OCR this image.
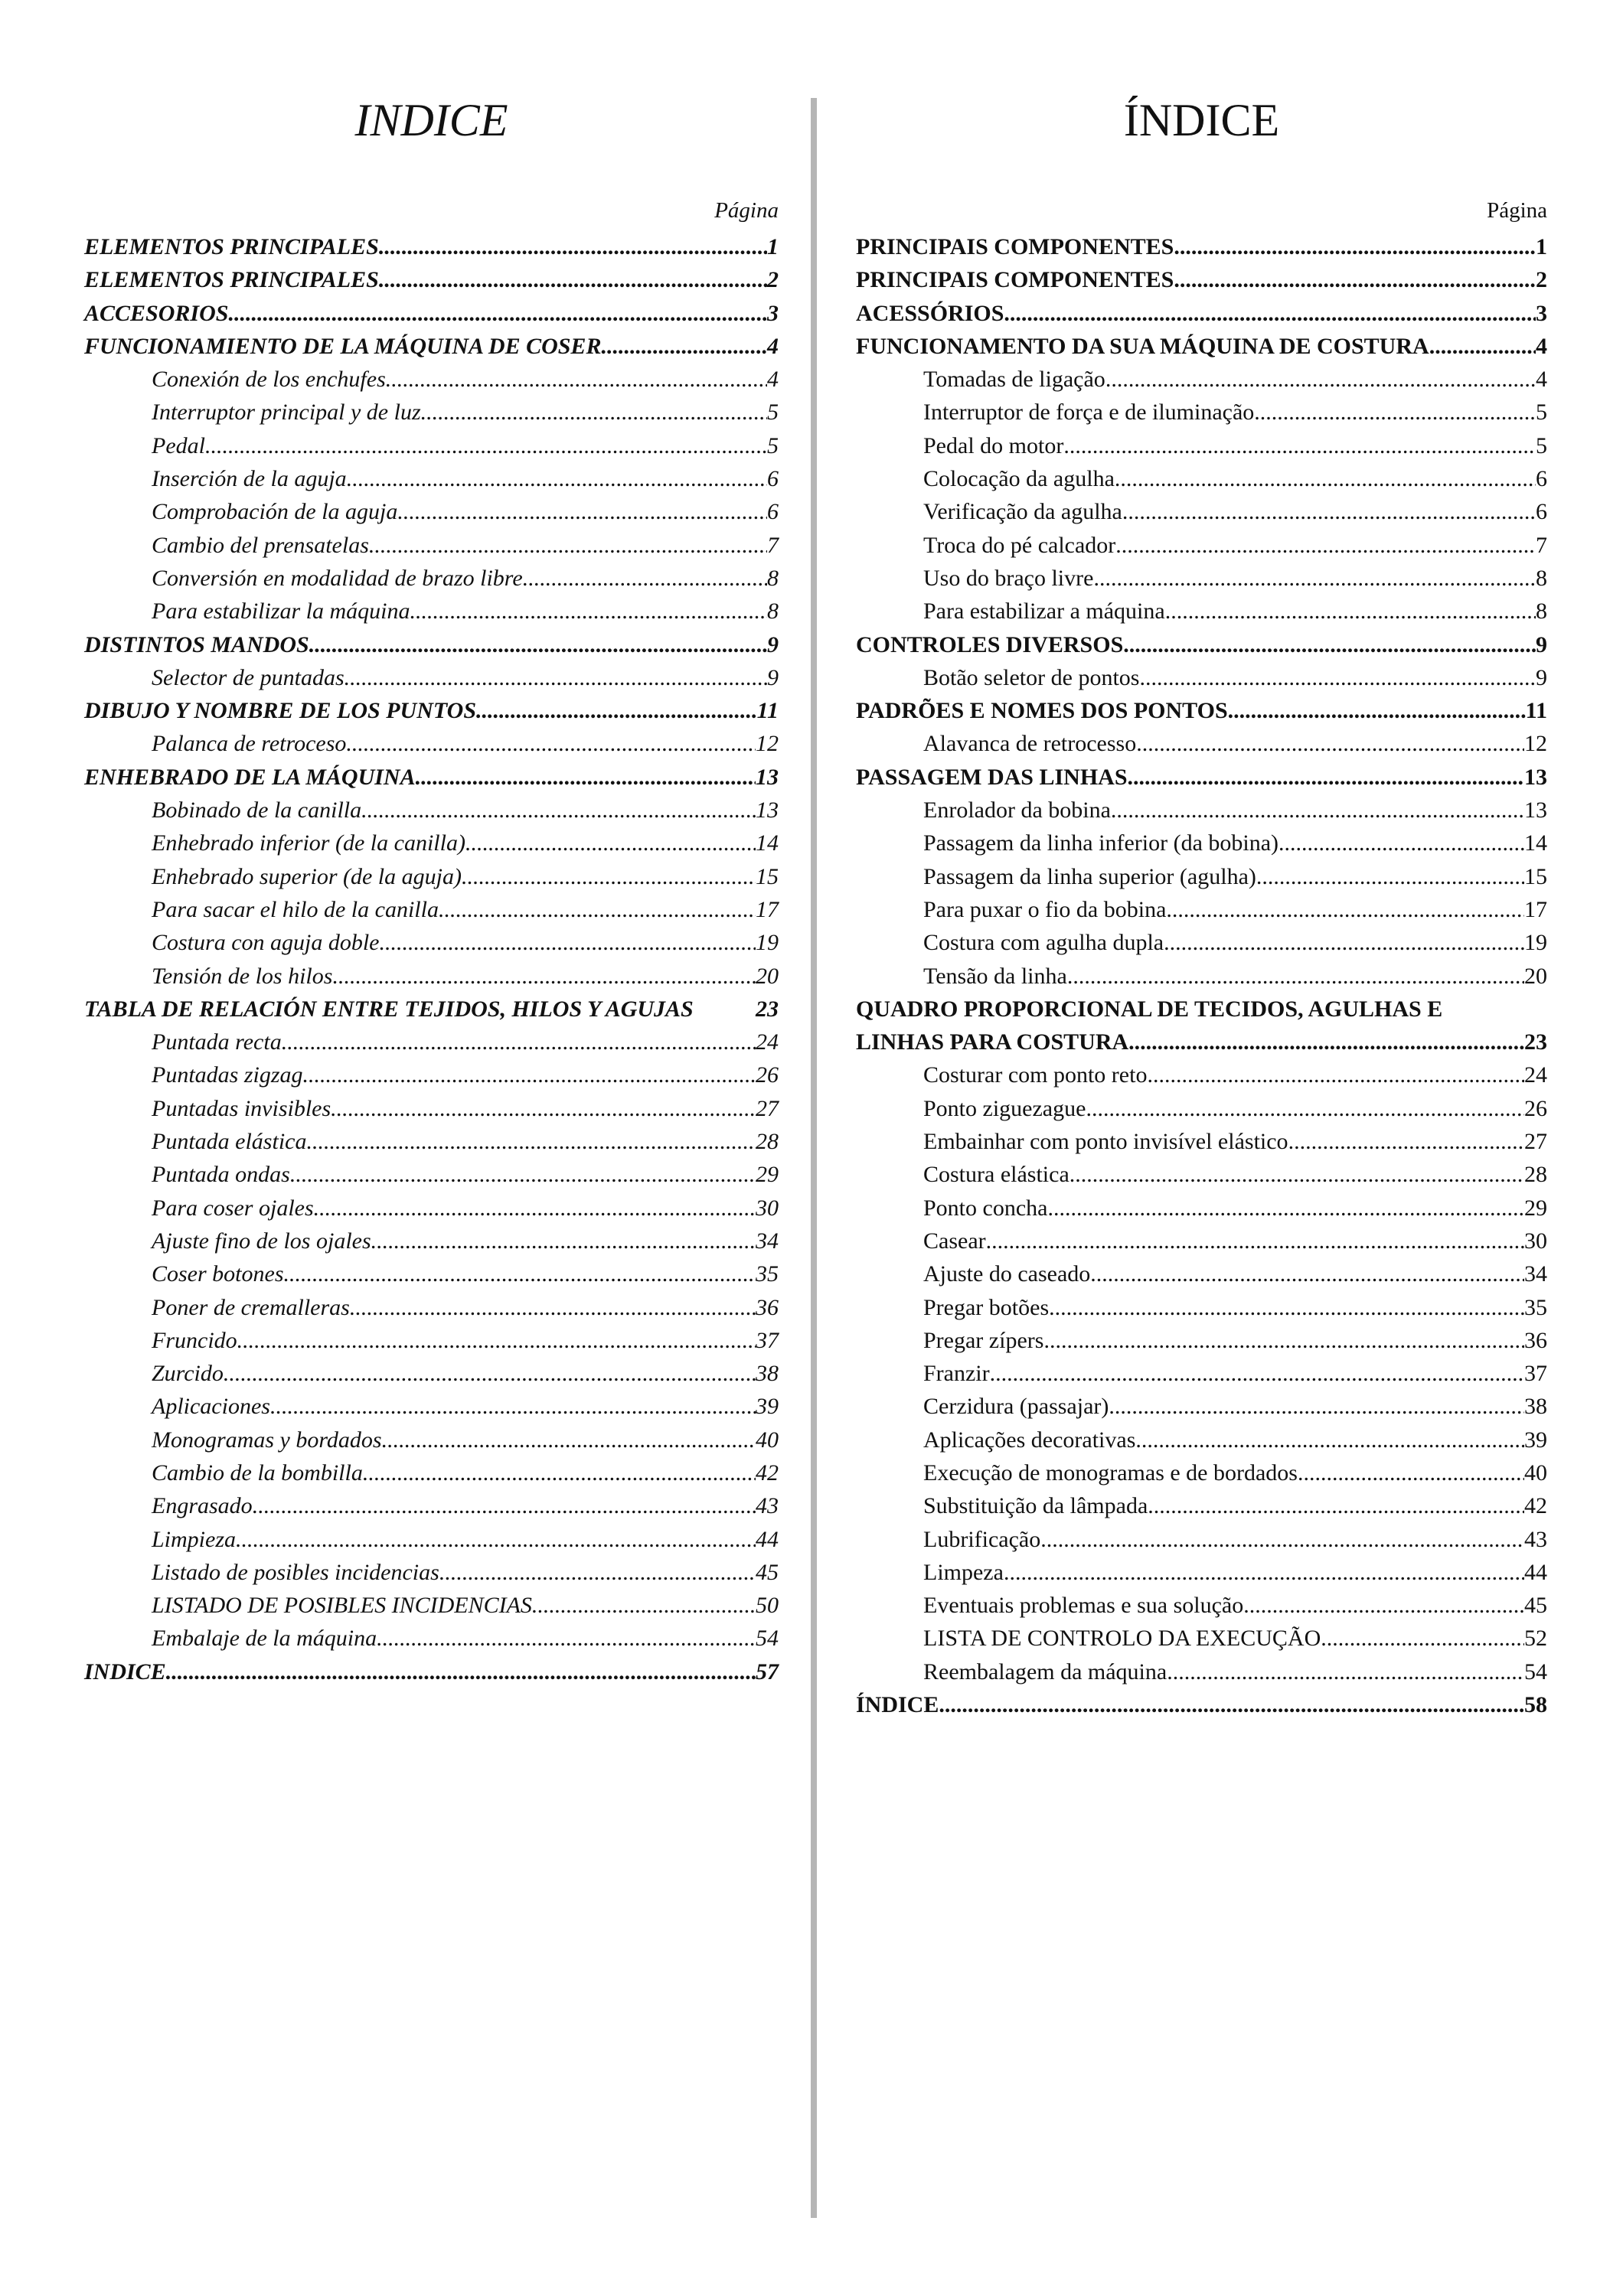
INDICE
Página
ELEMENTOS PRINCIPALES .....	1
ELEMENTOS PRINCIPALES .....	2
ACCESORIOS .....	3
FUNCIONAMIENTO DE LA MÁQUINA DE COSER .....	4
Conexión de los enchufes .....	4
Interruptor principal y de luz .....	5
Pedal .....	5
Inserción de la aguja .....	6
Comprobación de la aguja .....	6
Cambio del prensatelas .....	7
Conversión en modalidad de brazo libre. .....	8
Para estabilizar la máquina .....	8
DISTINTOS MANDOS .....	9
Selector de puntadas .....	9
DIBUJO Y NOMBRE DE LOS PUNTOS .....	11
Palanca de retroceso .....	12
ENHEBRADO DE LA MÁQUINA .....	13
Bobinado de la canilla .....	13
Enhebrado inferior (de la canilla) .....	14
Enhebrado superior (de la aguja) .....	15
Para sacar el hilo de la canilla .....	17
Costura con aguja doble .....	19
Tensión de los hilos .....	20
TABLA DE RELACIÓN ENTRE TEJIDOS, HILOS Y AGUJAS	23
Puntada recta .....	24
Puntadas zigzag .....	26
Puntadas invisibles .....	27
Puntada elástica .....	28
Puntada ondas .....	29
Para coser ojales .....	30
Ajuste fino de los ojales .....	34
Coser botones .....	35
Poner de cremalleras .....	36
Fruncido .....	37
Zurcido .....	38
Aplicaciones .....	39
Monogramas y bordados .....	40
Cambio de la bombilla .....	42
Engrasado .....	43
Limpieza .....	44
Listado de posibles incidencias .....	45
LISTADO DE POSIBLES INCIDENCIAS .....	50
Embalaje de la máquina .....	54
INDICE .....	57
ÍNDICE
Página
PRINCIPAIS COMPONENTES .....	1
PRINCIPAIS COMPONENTES .....	2
ACESSÓRIOS .....	3
FUNCIONAMENTO DA SUA MÁQUINA DE COSTURA .....	4
Tomadas de ligação .....	4
Interruptor de força e de iluminação .....	5
Pedal do motor .....	5
Colocação da agulha .....	6
Verificação da agulha .....	6
Troca do pé calcador .....	7
Uso do braço livre .....	8
Para estabilizar a máquina .....	8
CONTROLES DIVERSOS .....	9
Botão seletor de pontos .....	9
PADRÕES E NOMES DOS PONTOS .....	11
Alavanca de retrocesso .....	12
PASSAGEM DAS LINHAS .....	13
Enrolador da bobina .....	13
Passagem da linha inferior (da bobina) .....	14
Passagem da linha superior (agulha) .....	15
Para puxar o fio da bobina .....	17
Costura com agulha dupla .....	19
Tensão da linha .....	20
QUADRO PROPORCIONAL DE TECIDOS, AGULHAS E
LINHAS PARA COSTURA .....	23
Costurar com ponto reto .....	24
Ponto ziguezague .....	26
Embainhar com ponto invisível elástico .....	27
Costura elástica .....	28
Ponto concha .....	29
Casear .....	30
Ajuste do caseado .....	34
Pregar botões .....	35
Pregar zípers .....	36
Franzir .....	37
Cerzidura (passajar) .....	38
Aplicações decorativas .....	39
Execução de monogramas e de bordados .....	40
Substituição da lâmpada .....	42
Lubrificação .....	43
Limpeza .....	44
Eventuais problemas e sua solução .....	45
LISTA DE CONTROLO DA EXECUÇÃO .....	52
Reembalagem da máquina .....	54
ÍNDICE .....	58
